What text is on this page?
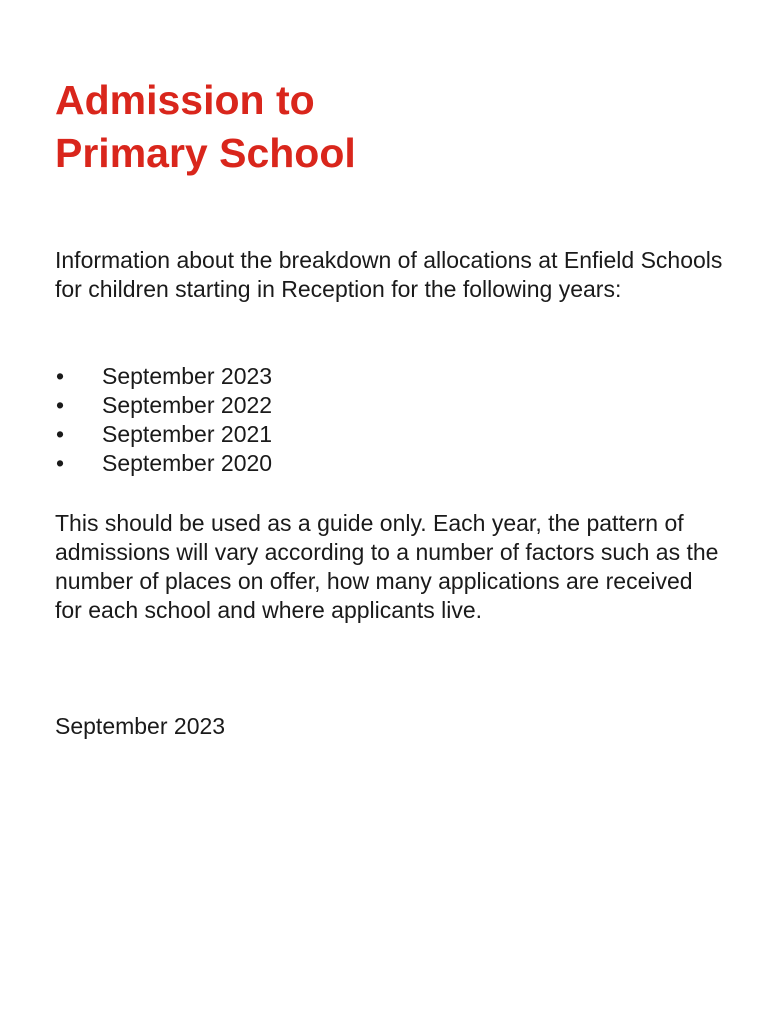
Admission to
Primary School

Information about the breakdown of allocations at Enfield Schools for children starting in Reception for the following years:

•	September 2023
•	September 2022
•	September 2021
•	September 2020

This should be used as a guide only. Each year, the pattern of admissions will vary according to a number of factors such as the number of places on offer, how many applications are received for each school and where applicants live.

September 2023
